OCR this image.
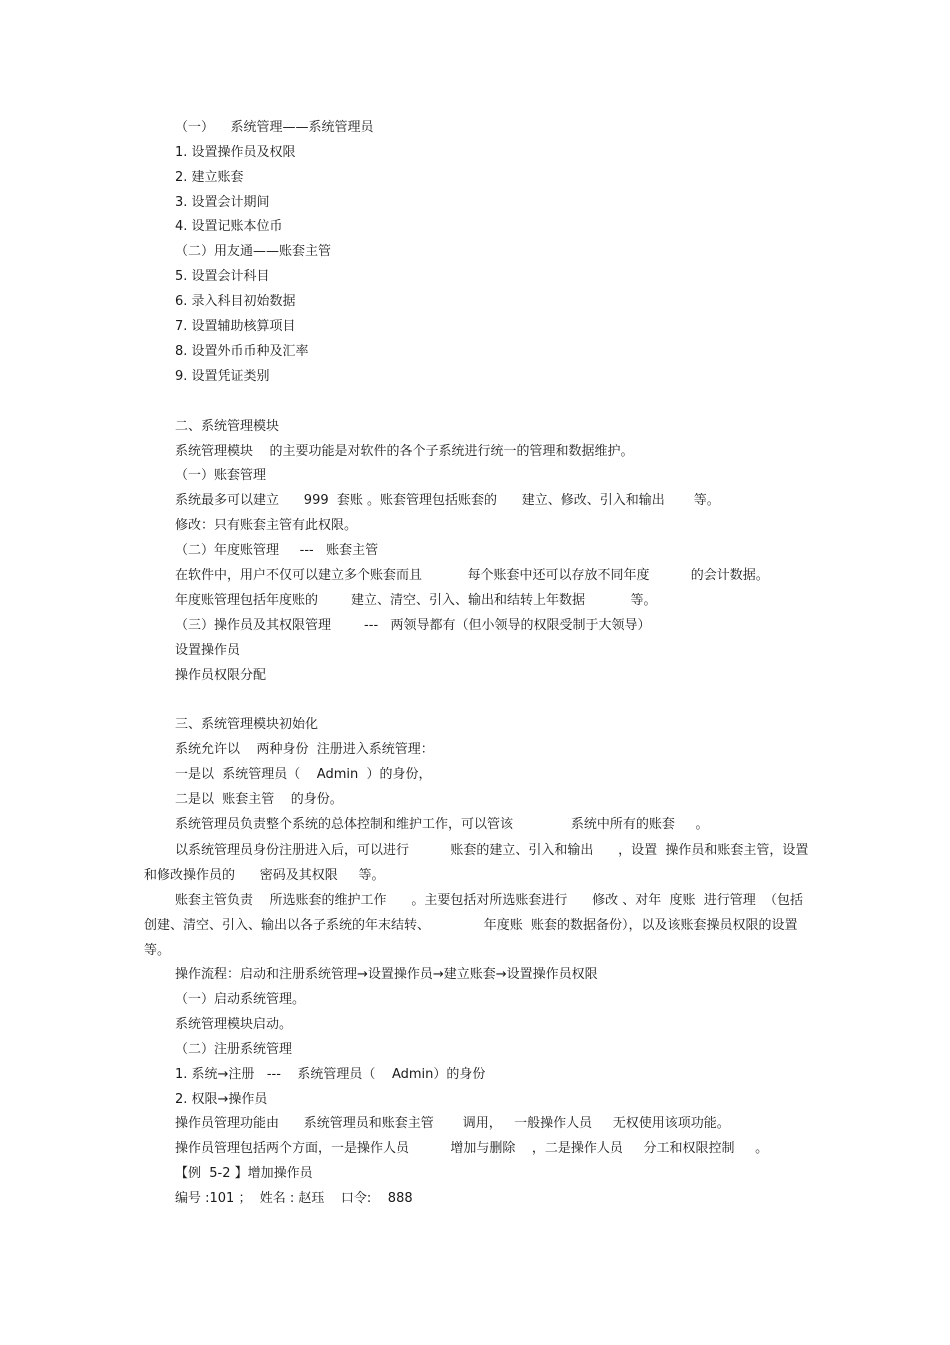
（一）    系统管理——系统管理员
1. 设置操作员及权限
2. 建立账套
3. 设置会计期间
4. 设置记账本位币
（二）用友通——账套主管
5. 设置会计科目
6. 录入科目初始数据
7. 设置辅助核算项目
8. 设置外币币种及汇率
9. 设置凭证类别
二、系统管理模块
系统管理模块    的主要功能是对软件的各个子系统进行统一的管理和数据维护。
（一）账套管理
系统最多可以建立      999  套账 。账套管理包括账套的      建立、修改、引入和输出       等。
修改：只有账套主管有此权限。
（二）年度账管理     ---   账套主管
在软件中，用户不仅可以建立多个账套而且           每个账套中还可以存放不同年度          的会计数据。
年度账管理包括年度账的        建立、清空、引入、输出和结转上年数据           等。
（三）操作员及其权限管理        ---   两领导都有（但小领导的权限受制于大领导）
设置操作员
操作员权限分配
三、系统管理模块初始化
系统允许以    两种身份  注册进入系统管理：
一是以  系统管理员（    Admin  ）的身份，
二是以  账套主管    的身份。
系统管理员负责整个系统的总体控制和维护工作，可以管该              系统中所有的账套     。
以系统管理员身份注册进入后，可以进行          账套的建立、引入和输出      ，设置  操作员和账套主管，设置和修改操作员的      密码及其权限     等。
账套主管负责    所选账套的维护工作      。主要包括对所选账套进行      修改 、对年  度账  进行管理  （包括创建、清空、引入、输出以各子系统的年末结转、             年度账  账套的数据备份），以及该账套操员权限的设置等。
操作流程：启动和注册系统管理→设置操作员→建立账套→设置操作员权限
（一）启动系统管理。
系统管理模块启动。
（二）注册系统管理
1. 系统→注册   ---    系统管理员（    Admin）的身份
2. 权限→操作员
操作员管理功能由      系统管理员和账套主管       调用，   一般操作人员     无权使用该项功能。
操作员管理包括两个方面，一是操作人员          增加与删除    ，二是操作人员     分工和权限控制     。
【例  5-2 】增加操作员
编号 :101 ；  姓名 : 赵珏    口令:    888
